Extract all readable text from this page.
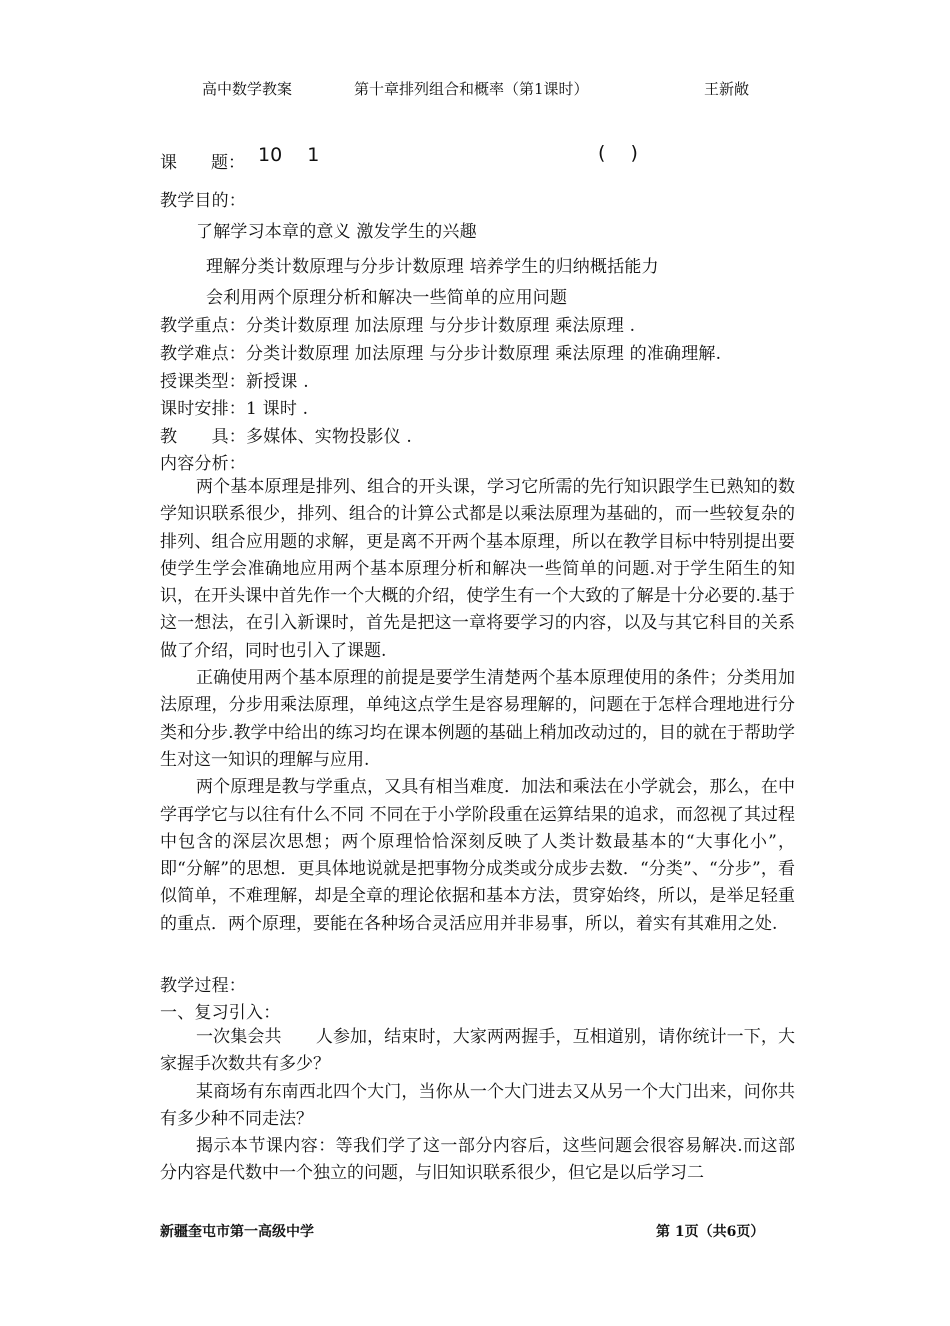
高中数学教案	第十章排列组合和概率（第1课时）	王新敞
课　　题： 10　 1	(　 )
教学目的：
了解学习本章的意义 激发学生的兴趣
理解分类计数原理与分步计数原理 培养学生的归纳概括能力
会利用两个原理分析和解决一些简单的应用问题
教学重点：分类计数原理 加法原理 与分步计数原理 乘法原理 .
教学难点：分类计数原理 加法原理 与分步计数原理 乘法原理 的准确理解.
授课类型：新授课 .
课时安排：1 课时 .
教　　具：多媒体、实物投影仪 .
内容分析：

两个基本原理是排列、组合的开头课，学习它所需的先行知识跟学生已熟知的数学知识联系很少，排列、组合的计算公式都是以乘法原理为基础的，而一些较复杂的排列、组合应用题的求解，更是离不开两个基本原理，所以在教学目标中特别提出要使学生学会准确地应用两个基本原理分析和解决一些简单的问题.对于学生陌生的知识，在开头课中首先作一个大概的介绍，使学生有一个大致的了解是十分必要的.基于这一想法，在引入新课时，首先是把这一章将要学习的内容，以及与其它科目的关系做了介绍，同时也引入了课题.

正确使用两个基本原理的前提是要学生清楚两个基本原理使用的条件；分类用加法原理，分步用乘法原理，单纯这点学生是容易理解的，问题在于怎样合理地进行分类和分步.教学中给出的练习均在课本例题的基础上稍加改动过的，目的就在于帮助学生对这一知识的理解与应用.

两个原理是教与学重点，又具有相当难度．加法和乘法在小学就会，那么，在中学再学它与以往有什么不同 不同在于小学阶段重在运算结果的追求，而忽视了其过程中包含的深层次思想；两个原理恰恰深刻反映了人类计数最基本的“大事化小”，即“分解”的思想．更具体地说就是把事物分成类或分成步去数．“分类”、“分步”，看似简单，不难理解，却是全章的理论依据和基本方法，贯穿始终，所以，是举足轻重的重点．两个原理，要能在各种场合灵活应用并非易事，所以，着实有其难用之处.

教学过程：
一、复习引入：

一次集会共　　人参加，结束时，大家两两握手，互相道别，请你统计一下，大家握手次数共有多少？

某商场有东南西北四个大门，当你从一个大门进去又从另一个大门出来，问你共有多少种不同走法？

揭示本节课内容：等我们学了这一部分内容后，这些问题会很容易解决.而这部分内容是代数中一个独立的问题，与旧知识联系很少，但它是以后学习二

新疆奎屯市第一高级中学	第 1页（共6页）
